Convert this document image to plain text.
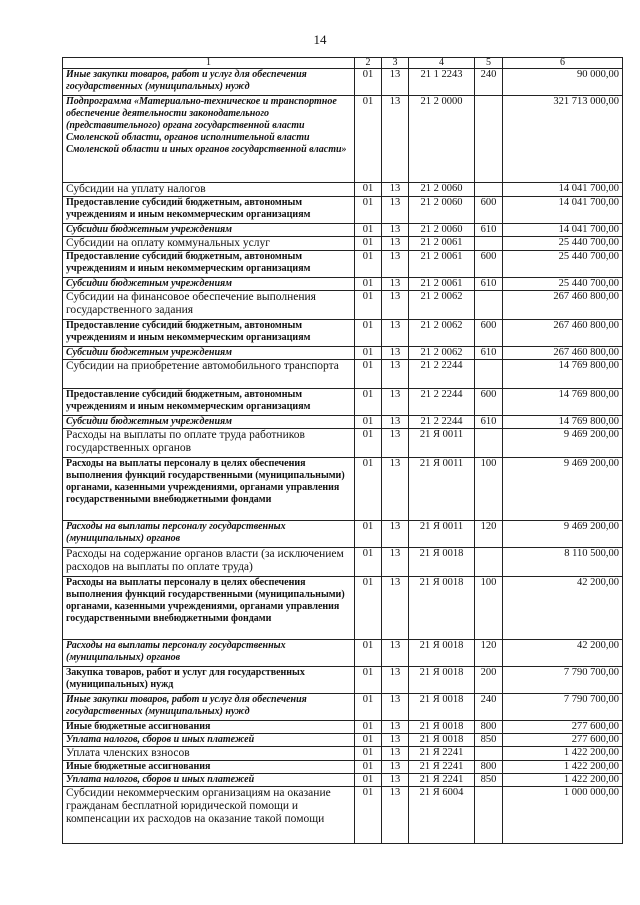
14
1	2	3	4	5	6
Иные закупки товаров, работ и услуг для обеспечения государственных (муниципальных) нужд	01	13	21 1 2243	240	90 000,00
Подпрограмма «Материально-техническое и транспортное обеспечение деятельности законодательного (представительного) органа государственной власти Смоленской области, органов исполнительной власти Смоленской области и иных органов государственной власти»	01	13	21 2 0000		321 713 000,00
Субсидии на уплату налогов	01	13	21 2 0060		14 041 700,00
Предоставление субсидий бюджетным, автономным учреждениям и иным некоммерческим организациям	01	13	21 2 0060	600	14 041 700,00
Субсидии бюджетным учреждениям	01	13	21 2 0060	610	14 041 700,00
Субсидии на оплату коммунальных услуг	01	13	21 2 0061		25 440 700,00
Предоставление субсидий бюджетным, автономным учреждениям и иным некоммерческим организациям	01	13	21 2 0061	600	25 440 700,00
Субсидии бюджетным учреждениям	01	13	21 2 0061	610	25 440 700,00
Субсидии на финансовое обеспечение выполнения государственного задания	01	13	21 2 0062		267 460 800,00
Предоставление субсидий бюджетным, автономным учреждениям и иным некоммерческим организациям	01	13	21 2 0062	600	267 460 800,00
Субсидии бюджетным учреждениям	01	13	21 2 0062	610	267 460 800,00
Субсидии на приобретение автомобильного транспорта	01	13	21 2 2244		14 769 800,00
Предоставление субсидий бюджетным, автономным учреждениям и иным некоммерческим организациям	01	13	21 2 2244	600	14 769 800,00
Субсидии бюджетным учреждениям	01	13	21 2 2244	610	14 769 800,00
Расходы на выплаты по оплате труда работников государственных органов	01	13	21 Я 0011		9 469 200,00
Расходы на выплаты персоналу в целях обеспечения выполнения функций государственными (муниципальными) органами, казенными учреждениями, органами управления государственными внебюджетными фондами	01	13	21 Я 0011	100	9 469 200,00
Расходы на выплаты персоналу государственных (муниципальных) органов	01	13	21 Я 0011	120	9 469 200,00
Расходы на содержание органов власти (за исключением расходов на выплаты по оплате труда)	01	13	21 Я 0018		8 110 500,00
Расходы на выплаты персоналу в целях обеспечения выполнения функций государственными (муниципальными) органами, казенными учреждениями, органами управления государственными внебюджетными фондами	01	13	21 Я 0018	100	42 200,00
Расходы на выплаты персоналу государственных (муниципальных) органов	01	13	21 Я 0018	120	42 200,00
Закупка товаров, работ и услуг для государственных (муниципальных) нужд	01	13	21 Я 0018	200	7 790 700,00
Иные закупки товаров, работ и услуг для обеспечения государственных (муниципальных) нужд	01	13	21 Я 0018	240	7 790 700,00
Иные бюджетные ассигнования	01	13	21 Я 0018	800	277 600,00
Уплата налогов, сборов и иных платежей	01	13	21 Я 0018	850	277 600,00
Уплата членских взносов	01	13	21 Я 2241		1 422 200,00
Иные бюджетные ассигнования	01	13	21 Я 2241	800	1 422 200,00
Уплата налогов, сборов и иных платежей	01	13	21 Я 2241	850	1 422 200,00
Субсидии некоммерческим организациям на оказание гражданам бесплатной юридической помощи и компенсации их расходов на оказание такой помощи	01	13	21 Я 6004		1 000 000,00
